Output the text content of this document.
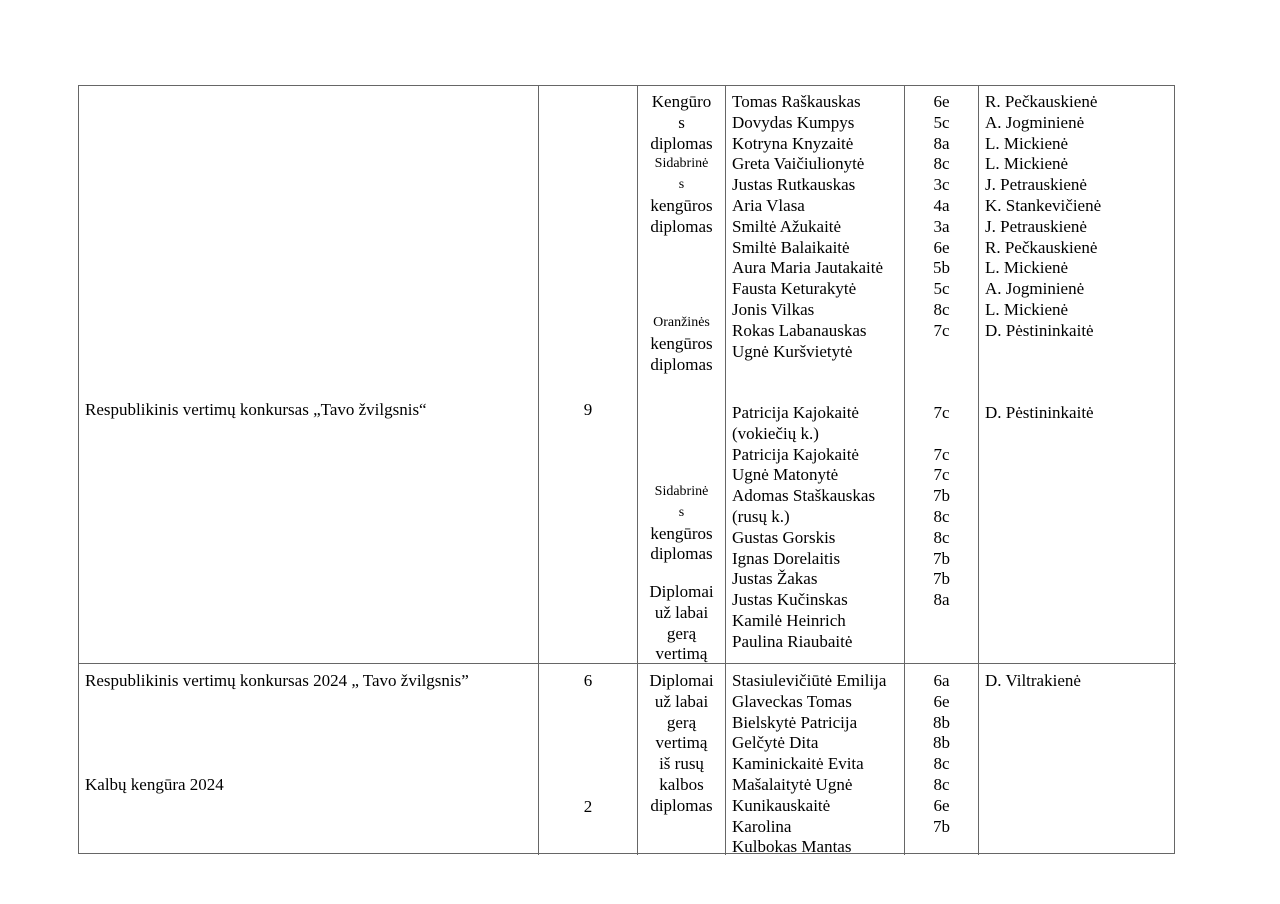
Respublikinis vertimų konkursas „Tavo žvilgsnis“	9
Kengūro
s
diplomas
Sidabrinė
s
kengūros
diplomas
Oranžinės
kengūros
diplomas
Sidabrinė
s
kengūros
diplomas
Diplomai
už labai
gerą
vertimą
Tomas Raškauskas
Dovydas Kumpys
Kotryna Knyzaitė
Greta Vaičiulionytė
Justas Rutkauskas
Aria Vlasa
Smiltė Ažukaitė
Smiltė Balaikaitė
Aura Maria Jautakaitė
Fausta Keturakytė
Jonis Vilkas
Rokas Labanauskas
Ugnė Kuršvietytė
Patricija Kajokaitė
(vokiečių k.)
Patricija Kajokaitė
Ugnė Matonytė
Adomas Staškauskas
(rusų k.)
Gustas Gorskis
Ignas Dorelaitis
Justas Žakas
Justas Kučinskas
Kamilė Heinrich
Paulina Riaubaitė
6e
5c
8a
8c
3c
4a
3a
6e
5b
5c
8c
7c
7c
7c
7c
7b
8c
8c
7b
7b
8a
R. Pečkauskienė
A. Jogminienė
L. Mickienė
L. Mickienė
J. Petrauskienė
K. Stankevičienė
J. Petrauskienė
R. Pečkauskienė
L. Mickienė
A. Jogminienė
L. Mickienė
D. Pėstininkaitė
D. Pėstininkaitė
Respublikinis vertimų konkursas 2024 „ Tavo žvilgsnis”
Kalbų kengūra 2024
6
2
Diplomai
už labai
gerą
vertimą
iš rusų
kalbos
diplomas
Stasiulevičiūtė Emilija
Glaveckas Tomas
Bielskytė Patricija
Gelčytė Dita
Kaminickaitė Evita
Mašalaitytė Ugnė
Kunikauskaitė
Karolina
Kulbokas Mantas
6a
6e
8b
8b
8c
8c
6e
7b
D. Viltrakienė
